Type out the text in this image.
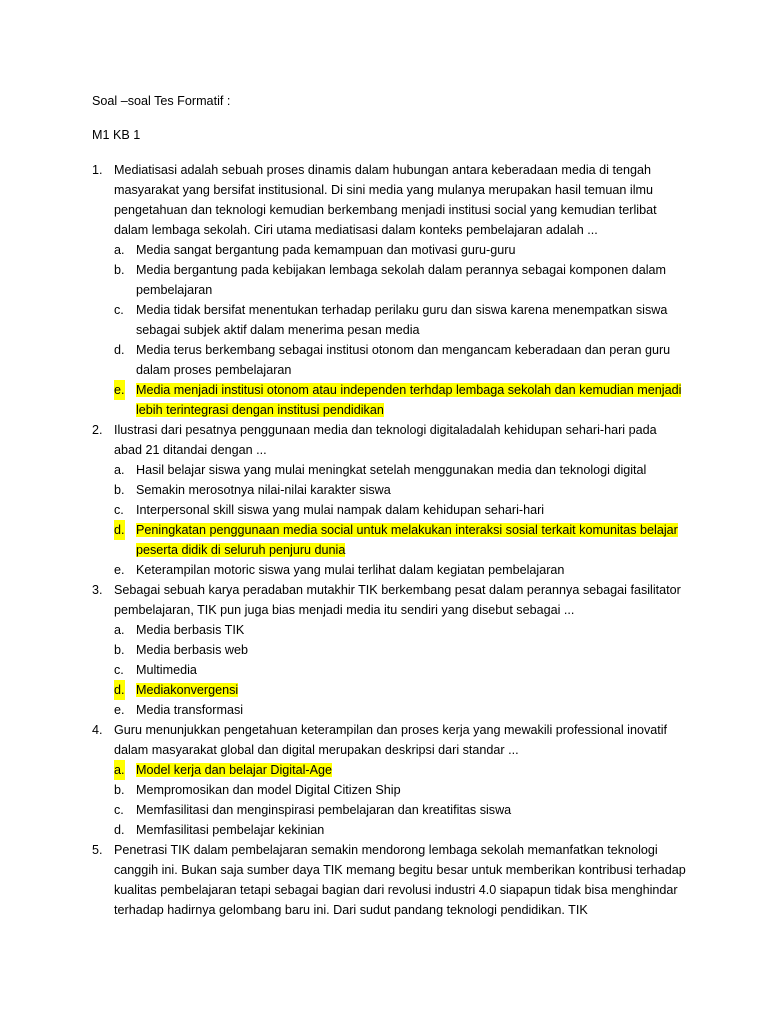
Soal –soal Tes Formatif :
M1 KB 1
1. Mediatisasi adalah sebuah proses dinamis dalam hubungan antara keberadaan media di tengah masyarakat yang bersifat institusional. Di sini media yang mulanya merupakan hasil temuan ilmu pengetahuan dan teknologi kemudian berkembang menjadi institusi social yang kemudian terlibat dalam lembaga sekolah. Ciri utama mediatisasi dalam konteks pembelajaran adalah ...
a. Media sangat bergantung pada kemampuan dan motivasi guru-guru
b. Media bergantung pada kebijakan lembaga sekolah dalam perannya sebagai komponen dalam pembelajaran
c. Media tidak bersifat menentukan terhadap perilaku guru dan siswa karena menempatkan siswa sebagai subjek aktif dalam menerima pesan media
d. Media terus berkembang sebagai institusi otonom dan mengancam keberadaan dan peran guru dalam proses pembelajaran
e. Media menjadi institusi otonom atau independen terhdap lembaga sekolah dan kemudian menjadi lebih terintegrasi dengan institusi pendidikan
2. Ilustrasi dari pesatnya penggunaan media dan teknologi digitaladalah kehidupan sehari-hari pada abad 21 ditandai dengan ...
a. Hasil belajar siswa yang mulai meningkat setelah menggunakan media dan teknologi digital
b. Semakin merosotnya nilai-nilai karakter siswa
c. Interpersonal skill siswa yang mulai nampak dalam kehidupan sehari-hari
d. Peningkatan penggunaan media social untuk melakukan interaksi sosial terkait komunitas belajar peserta didik di seluruh penjuru dunia
e. Keterampilan motoric siswa yang mulai terlihat dalam kegiatan pembelajaran
3. Sebagai sebuah karya peradaban mutakhir TIK berkembang pesat dalam perannya sebagai fasilitator pembelajaran, TIK pun juga bias menjadi media itu sendiri yang disebut sebagai ...
a. Media berbasis TIK
b. Media berbasis web
c. Multimedia
d. Mediakonvergensi
e. Media transformasi
4. Guru menunjukkan pengetahuan keterampilan dan proses kerja yang mewakili professional inovatif dalam masyarakat global dan digital merupakan deskripsi dari standar ...
a. Model kerja dan belajar Digital-Age
b. Mempromosikan dan model Digital Citizen Ship
c. Memfasilitasi dan menginspirasi pembelajaran dan kreatifitas siswa
d. Memfasilitasi pembelajar kekinian
5. Penetrasi TIK dalam pembelajaran semakin mendorong lembaga sekolah memanfatkan teknologi canggih ini. Bukan saja sumber daya TIK memang begitu besar untuk memberikan kontribusi terhadap kualitas pembelajaran tetapi sebagai bagian dari revolusi industri 4.0 siapapun tidak bisa menghindar terhadap hadirnya gelombang baru ini. Dari sudut pandang teknologi pendidikan. TIK
